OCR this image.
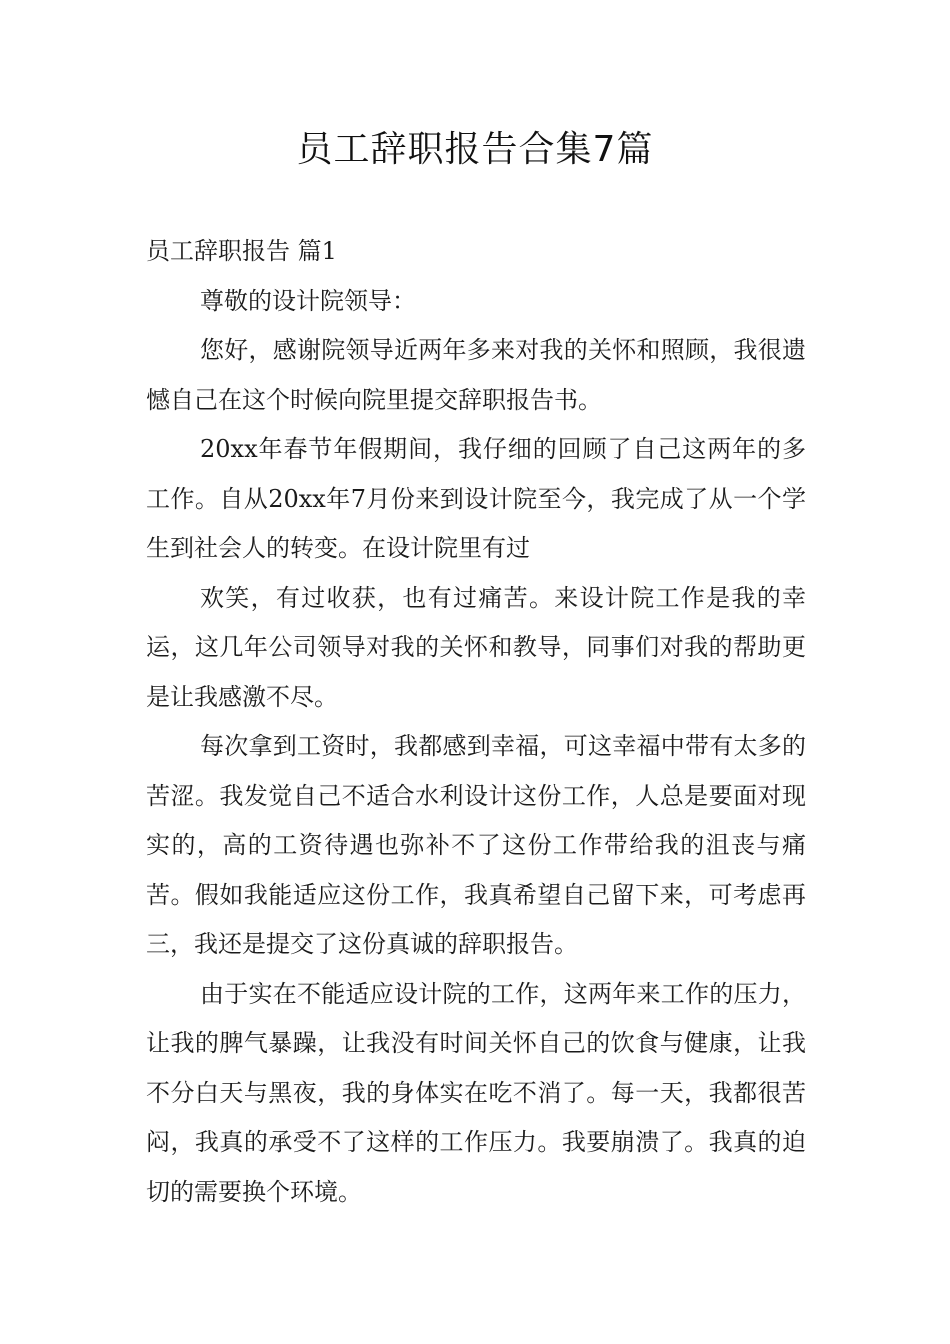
员工辞职报告合集7篇

员工辞职报告 篇1

尊敬的设计院领导：

您好，感谢院领导近两年多来对我的关怀和照顾，我很遗憾自己在这个时候向院里提交辞职报告书。

20xx年春节年假期间，我仔细的回顾了自己这两年的多工作。自从20xx年7月份来到设计院至今，我完成了从一个学生到社会人的转变。在设计院里有过

欢笑，有过收获，也有过痛苦。来设计院工作是我的幸运，这几年公司领导对我的关怀和教导，同事们对我的帮助更是让我感激不尽。

每次拿到工资时，我都感到幸福，可这幸福中带有太多的苦涩。我发觉自己不适合水利设计这份工作，人总是要面对现实的，高的工资待遇也弥补不了这份工作带给我的沮丧与痛苦。假如我能适应这份工作，我真希望自己留下来，可考虑再三，我还是提交了这份真诚的辞职报告。

由于实在不能适应设计院的工作，这两年来工作的压力，让我的脾气暴躁，让我没有时间关怀自己的饮食与健康，让我不分白天与黑夜，我的身体实在吃不消了。每一天，我都很苦闷，我真的承受不了这样的工作压力。我要崩溃了。我真的迫切的需要换个环境。
